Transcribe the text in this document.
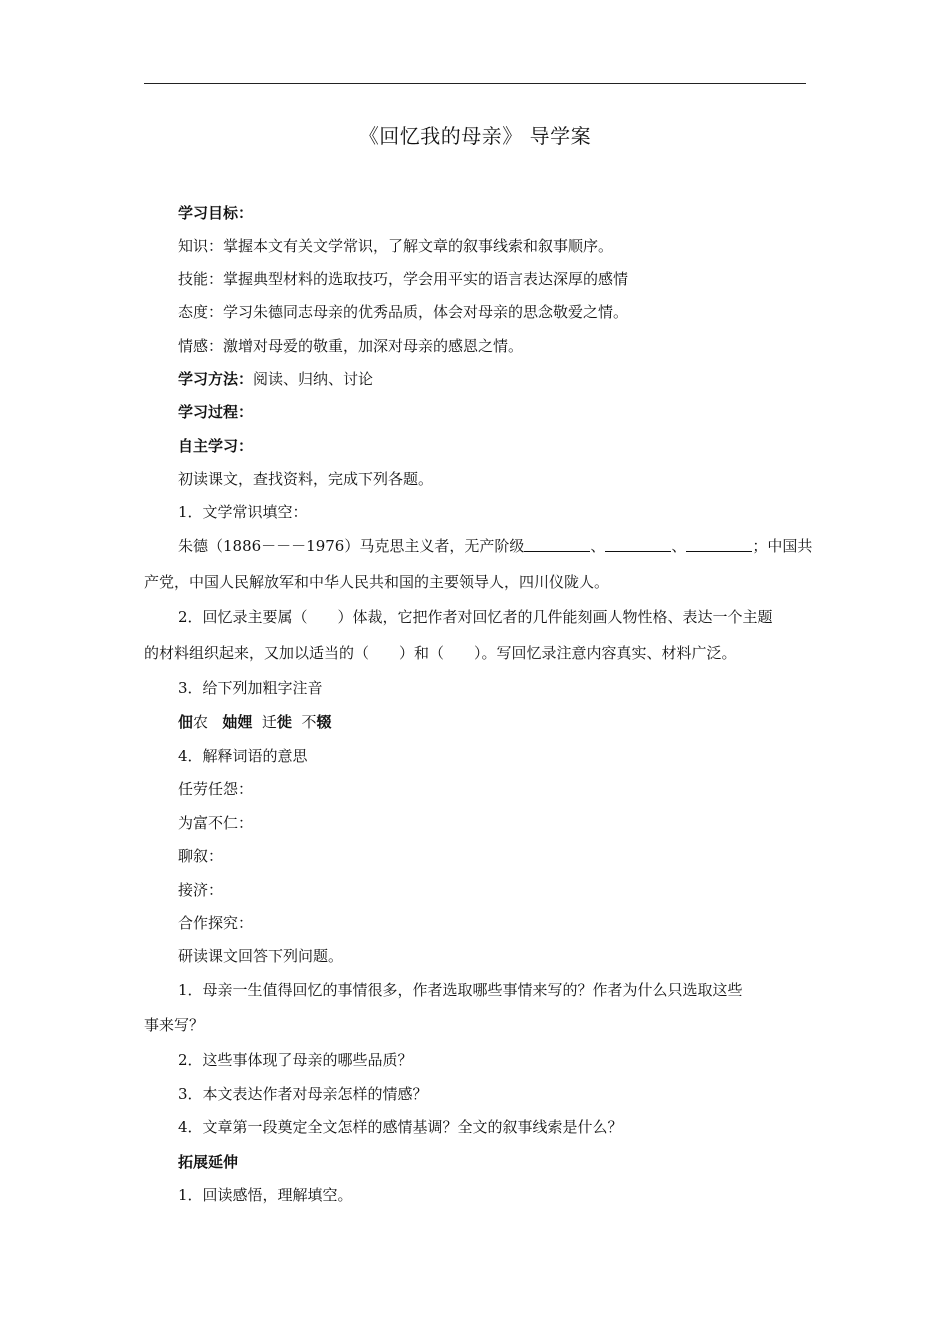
《回忆我的母亲》 导学案
学习目标：
知识：掌握本文有关文学常识，了解文章的叙事线索和叙事顺序。
技能：掌握典型材料的选取技巧，学会用平实的语言表达深厚的感情
态度：学习朱德同志母亲的优秀品质，体会对母亲的思念敬爱之情。
情感：激增对母爱的敬重，加深对母亲的感恩之情。
学习方法：阅读、归纳、讨论
学习过程：
自主学习：
初读课文，查找资料，完成下列各题。
1．文学常识填空：
朱德（1886－－－1976）马克思主义者，无产阶级	、	、	；中国共
产党，中国人民解放军和中华人民共和国的主要领导人，四川仪陇人。
2．回忆录主要属（　　）体裁，它把作者对回忆者的几件能刻画人物性格、表达一个主题
的材料组织起来，又加以适当的（　　）和（　　）。写回忆录注意内容真实、材料广泛。
3．给下列加粗字注音
佃农 妯娌 迁徙 不辍
4．解释词语的意思
任劳任怨：
为富不仁：
聊叙：
接济：
合作探究：
研读课文回答下列问题。
1．母亲一生值得回忆的事情很多，作者选取哪些事情来写的？作者为什么只选取这些
事来写？
2．这些事体现了母亲的哪些品质？
3．本文表达作者对母亲怎样的情感？
4．文章第一段奠定全文怎样的感情基调？全文的叙事线索是什么？
拓展延伸
1．回读感悟，理解填空。
